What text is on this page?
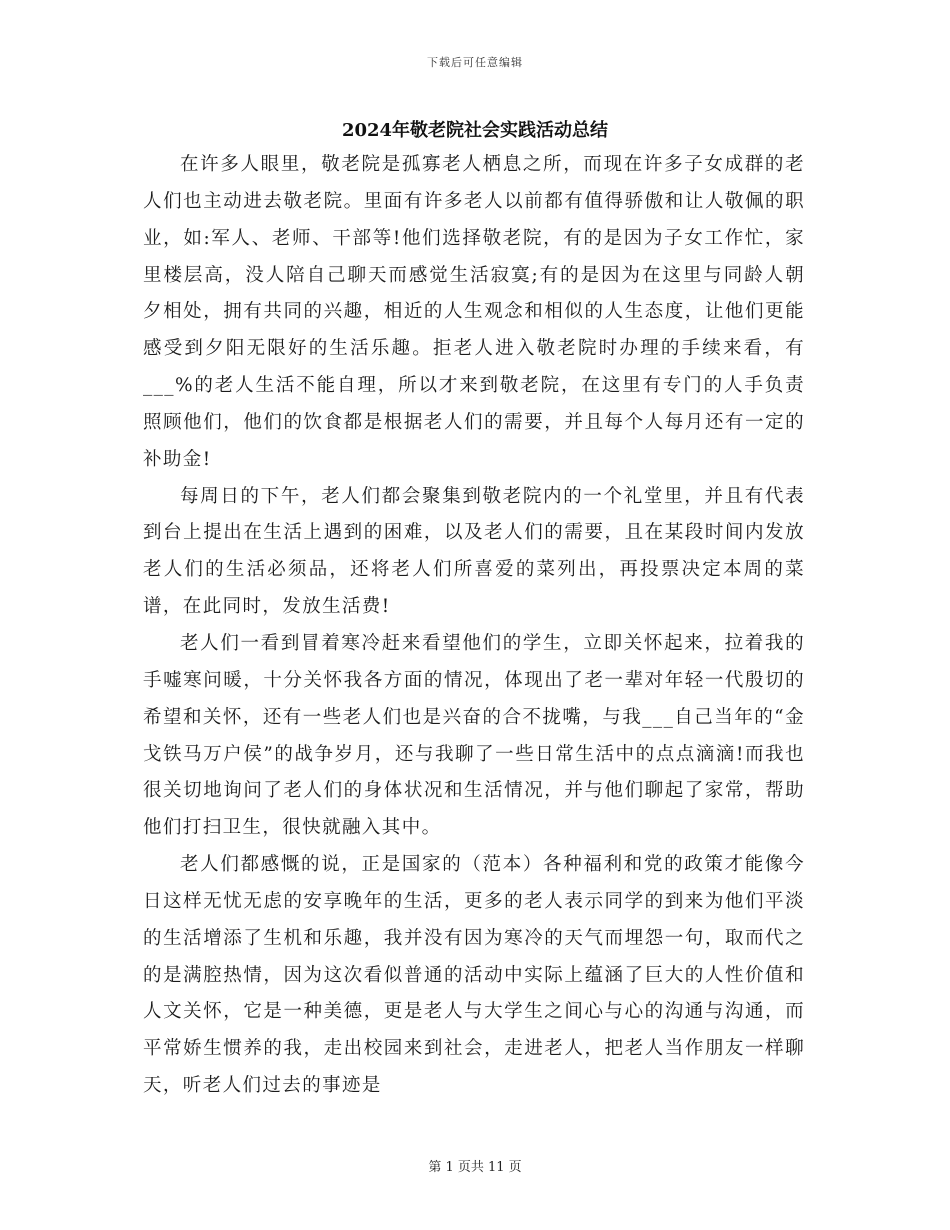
下载后可任意编辑
2024年敬老院社会实践活动总结

在许多人眼里，敬老院是孤寡老人栖息之所，而现在许多子女成群的老人们也主动进去敬老院。里面有许多老人以前都有值得骄傲和让人敬佩的职业，如:军人、老师、干部等!他们选择敬老院，有的是因为子女工作忙，家里楼层高，没人陪自己聊天而感觉生活寂寞;有的是因为在这里与同龄人朝夕相处，拥有共同的兴趣，相近的人生观念和相似的人生态度，让他们更能感受到夕阳无限好的生活乐趣。拒老人进入敬老院时办理的手续来看，有___%的老人生活不能自理，所以才来到敬老院，在这里有专门的人手负责照顾他们，他们的饮食都是根据老人们的需要，并且每个人每月还有一定的补助金!

每周日的下午，老人们都会聚集到敬老院内的一个礼堂里，并且有代表到台上提出在生活上遇到的困难，以及老人们的需要，且在某段时间内发放老人们的生活必须品，还将老人们所喜爱的菜列出，再投票决定本周的菜谱，在此同时，发放生活费!

老人们一看到冒着寒冷赶来看望他们的学生，立即关怀起来，拉着我的手嘘寒问暖，十分关怀我各方面的情况，体现出了老一辈对年轻一代殷切的希望和关怀，还有一些老人们也是兴奋的合不拢嘴，与我___自己当年的“金戈铁马万户侯”的战争岁月，还与我聊了一些日常生活中的点点滴滴!而我也很关切地询问了老人们的身体状况和生活情况，并与他们聊起了家常，帮助他们打扫卫生，很快就融入其中。

老人们都感慨的说，正是国家的（范本）各种福利和党的政策才能像今日这样无忧无虑的安享晚年的生活，更多的老人表示同学的到来为他们平淡的生活增添了生机和乐趣，我并没有因为寒冷的天气而埋怨一句，取而代之的是满腔热情，因为这次看似普通的活动中实际上蕴涵了巨大的人性价值和人文关怀，它是一种美德，更是老人与大学生之间心与心的沟通与沟通，而平常娇生惯养的我，走出校园来到社会，走进老人，把老人当作朋友一样聊天，听老人们过去的事迹是

第 1 页共 11 页
